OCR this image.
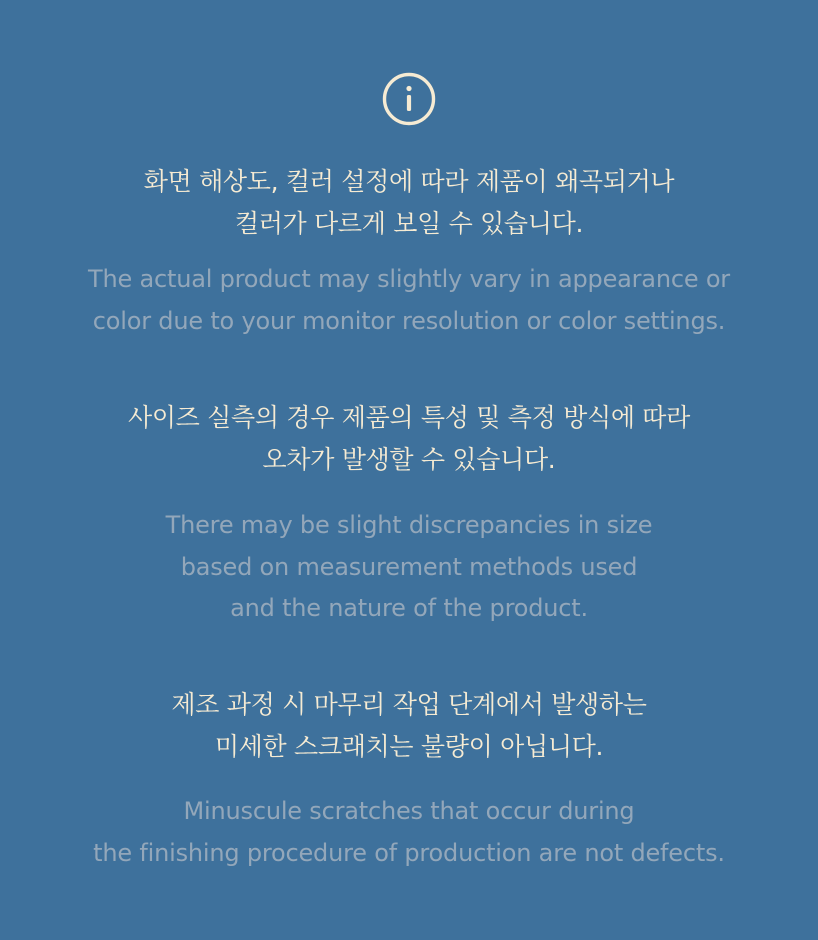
화면 해상도, 컬러 설정에 따라 제품이 왜곡되거나
컬러가 다르게 보일 수 있습니다.
The actual product may slightly vary in appearance or
color due to your monitor resolution or color settings.
사이즈 실측의 경우 제품의 특성 및 측정 방식에 따라
오차가 발생할 수 있습니다.
There may be slight discrepancies in size
based on measurement methods used
and the nature of the product.
제조 과정 시 마무리 작업 단계에서 발생하는
미세한 스크래치는 불량이 아닙니다.
Minuscule scratches that occur during
the finishing procedure of production are not defects.
